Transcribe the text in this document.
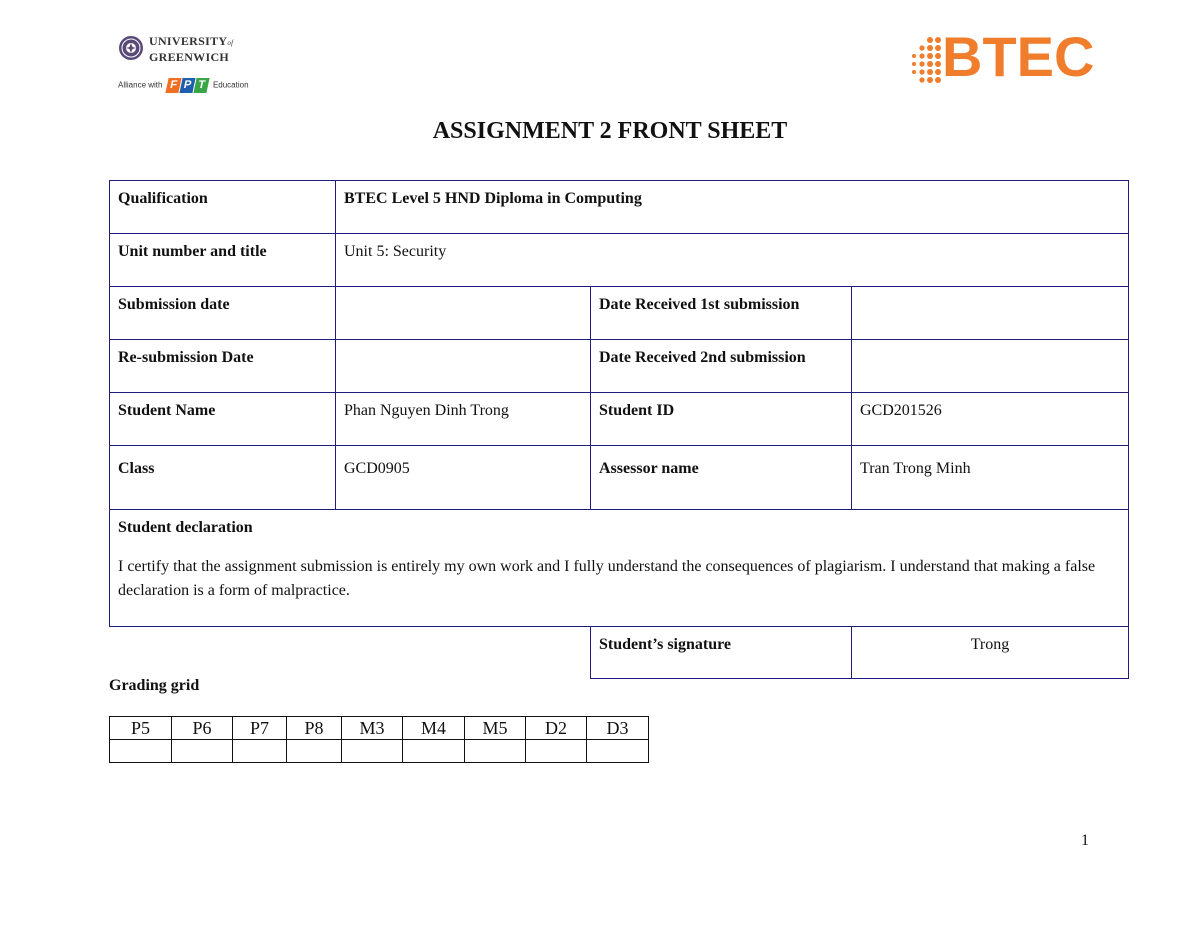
UNIVERSITYof
GREENWICH
Alliance with F P T Education	BTEC
ASSIGNMENT 2 FRONT SHEET
Qualification	BTEC Level 5 HND Diploma in Computing		
Unit number and title	Unit 5: Security		
Submission date		Date Received 1st submission	
Re-submission Date		Date Received 2nd submission	
Student Name	Phan Nguyen Dinh Trong	Student ID	GCD201526
Class	GCD0905	Assessor name	Tran Trong Minh

Student declaration
I certify that the assignment submission is entirely my own work and I fully understand the consequences of plagiarism. I understand that making a false declaration is a form of malpractice.			

		Student’s signature	Trong
Grading grid
P5	P6	P7	P8	M3	M4	M5	D2	D3

1
